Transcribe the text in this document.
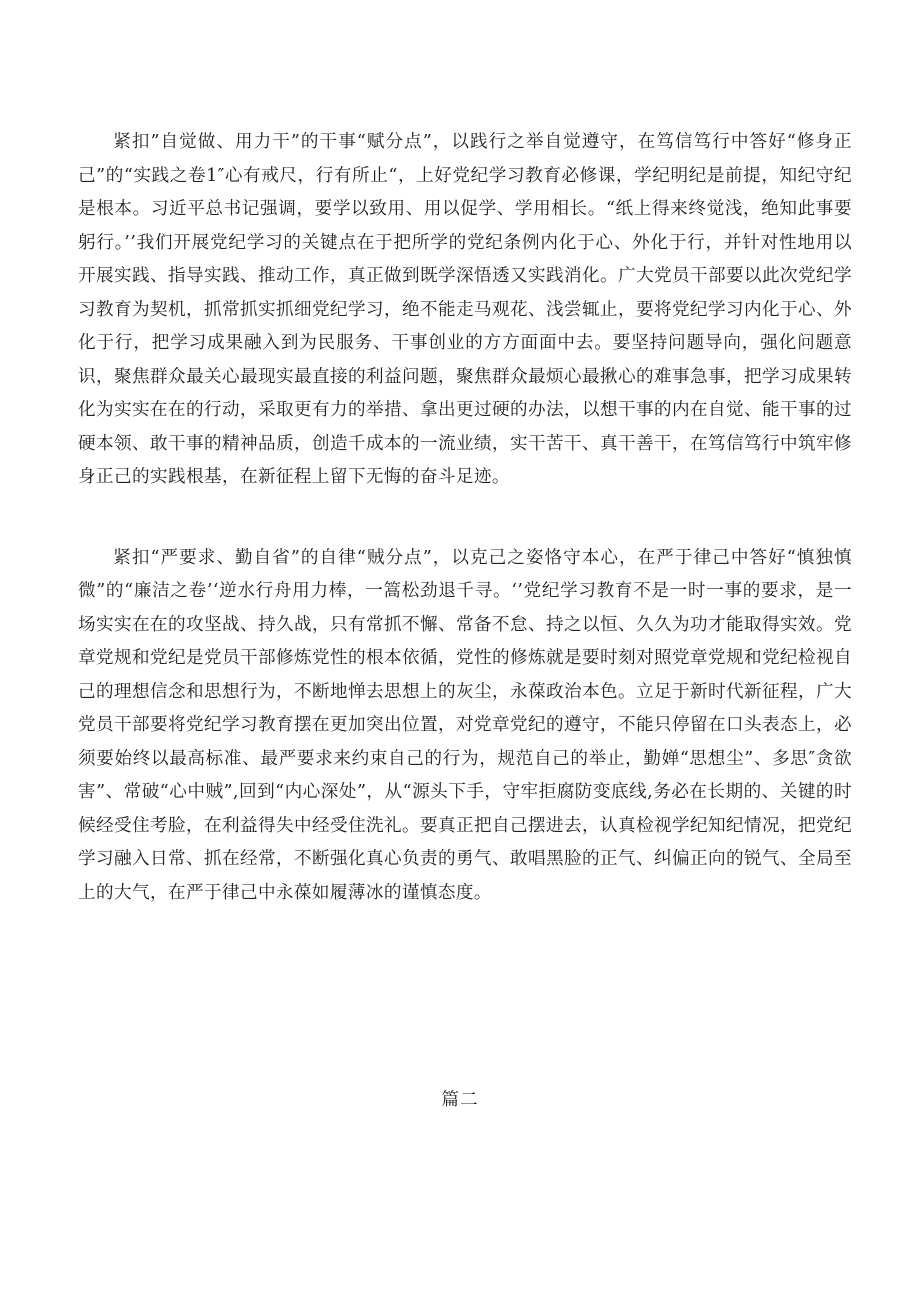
紧扣”自觉做、用力干”的干事“赋分点”，以践行之举自觉遵守，在笃信笃行中答好“修身正己”的“实践之卷1″心有戒尺，行有所止“，上好党纪学习教育必修课，学纪明纪是前提，知纪守纪是根本。习近平总书记强调，要学以致用、用以促学、学用相长。“纸上得来终觉浅，绝知此事要躬行。’’我们开展党纪学习的关键点在于把所学的党纪条例内化于心、外化于行，并针对性地用以开展实践、指导实践、推动工作，真正做到既学深悟透又实践消化。广大党员干部要以此次党纪学习教育为契机，抓常抓实抓细党纪学习，绝不能走马观花、浅尝辄止，要将党纪学习内化于心、外化于行，把学习成果融入到为民服务、干事创业的方方面面中去。要坚持问题导向，强化问题意识，聚焦群众最关心最现实最直接的利益问题，聚焦群众最烦心最揪心的难事急事，把学习成果转化为实实在在的行动，采取更有力的举措、拿出更过硬的办法，以想干事的内在自觉、能干事的过硬本领、敢干事的精神品质，创造千成本的一流业绩，实干苦干、真干善干，在笃信笃行中筑牢修身正己的实践根基，在新征程上留下无悔的奋斗足迹。

紧扣“严要求、勤自省”的自律“贼分点”，以克己之姿恪守本心，在严于律己中答好“慎独慎微”的“廉洁之卷’‘逆水行舟用力棒，一篙松劲退千寻。‘’党纪学习教育不是一时一事的要求，是一场实实在在的攻坚战、持久战，只有常抓不懈、常备不怠、持之以恒、久久为功才能取得实效。党章党规和党纪是党员干部修炼党性的根本依循，党性的修炼就是要时刻对照党章党规和党纪检视自己的理想信念和思想行为，不断地惮去思想上的灰尘，永葆政治本色。立足于新时代新征程，广大党员干部要将党纪学习教育摆在更加突出位置，对党章党纪的遵守，不能只停留在口头表态上，必须要始终以最高标准、最严要求来约束自己的行为，规范自己的举止，勤婵“思想尘”、多思″贪欲害”、常破“心中贼”,回到“内心深处”，从“源头下手，守牢拒腐防变底线,务必在长期的、关键的时候经受住考脸，在利益得失中经受住洗礼。要真正把自己摆进去，认真检视学纪知纪情况，把党纪学习融入日常、抓在经常，不断强化真心负责的勇气、敢唱黑脸的正气、纠偏正向的锐气、全局至上的大气，在严于律己中永葆如履薄冰的谨慎态度。

篇二
